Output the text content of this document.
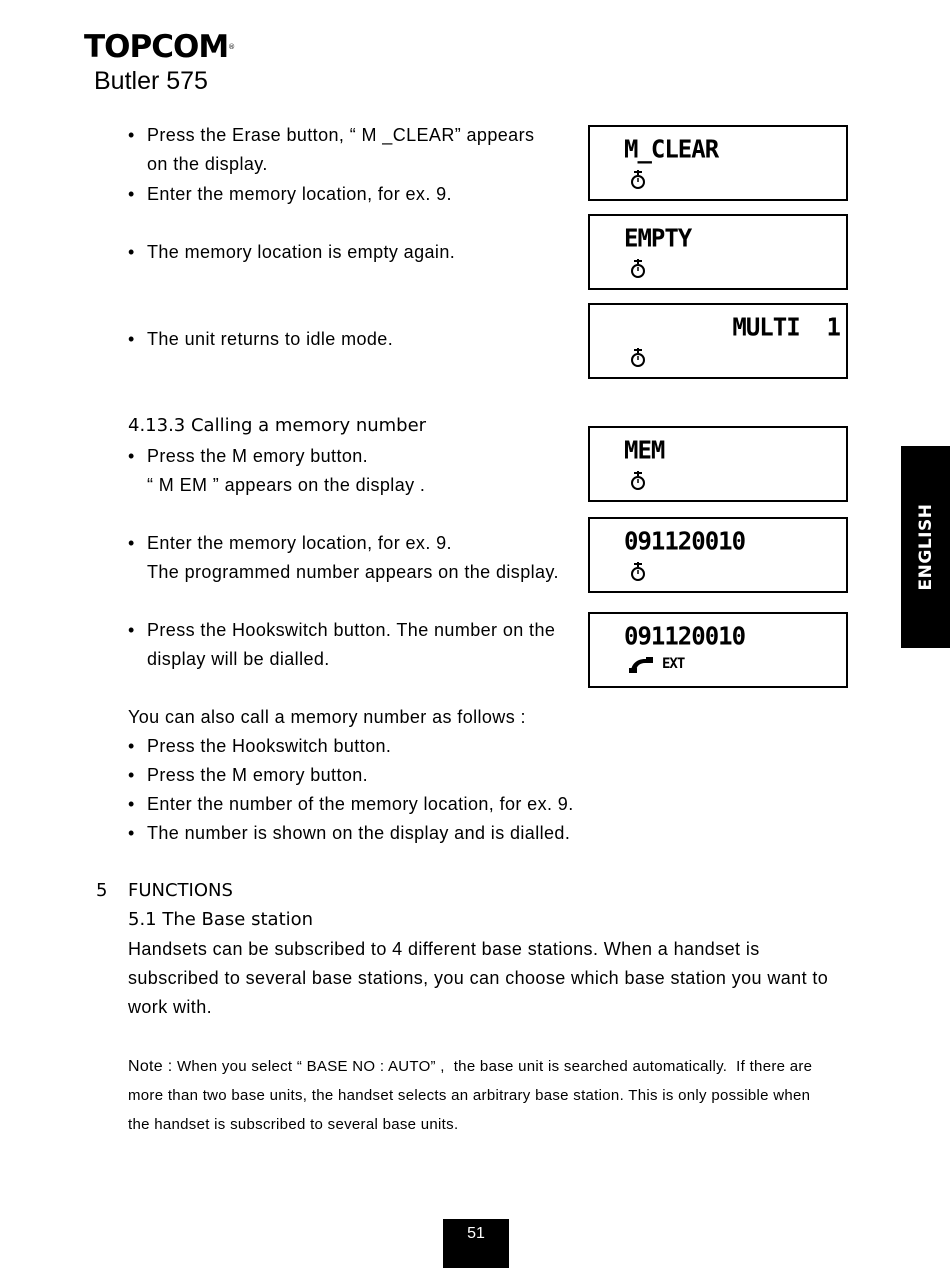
TOPCOM®
Butler 575
• Press the Erase button, “ M _CLEAR” appears
on the display.
• Enter the memory location, for ex. 9.
• The memory location is empty again.
• The unit returns to idle mode.
4.13.3 Calling a memory number
• Press the M emory button.
“ M EM ” appears on the display .
• Enter the memory location, for ex. 9.
The programmed number appears on the display.
• Press the Hookswitch button. The number on the
display will be dialled.
You can also call a memory number as follows :
• Press the Hookswitch button.
• Press the M emory button.
• Enter the number of the memory location, for ex. 9.
• The number is shown on the display and is dialled.
M_CLEAR
EMPTY
MULTI  1
MEM
091120010
091120010
EXT
5 FUNCTIONS
5.1 The Base station
Handsets can be subscribed to 4 different base stations. When a handset is
subscribed to several base stations, you can choose which base station you want to
work with.
Note : When you select “ BASE NO : AUTO” ,  the base unit is searched automatically.  If there are
more than two base units, the handset selects an arbitrary base station. This is only possible when
the handset is subscribed to several base units.
ENGLISH
51
